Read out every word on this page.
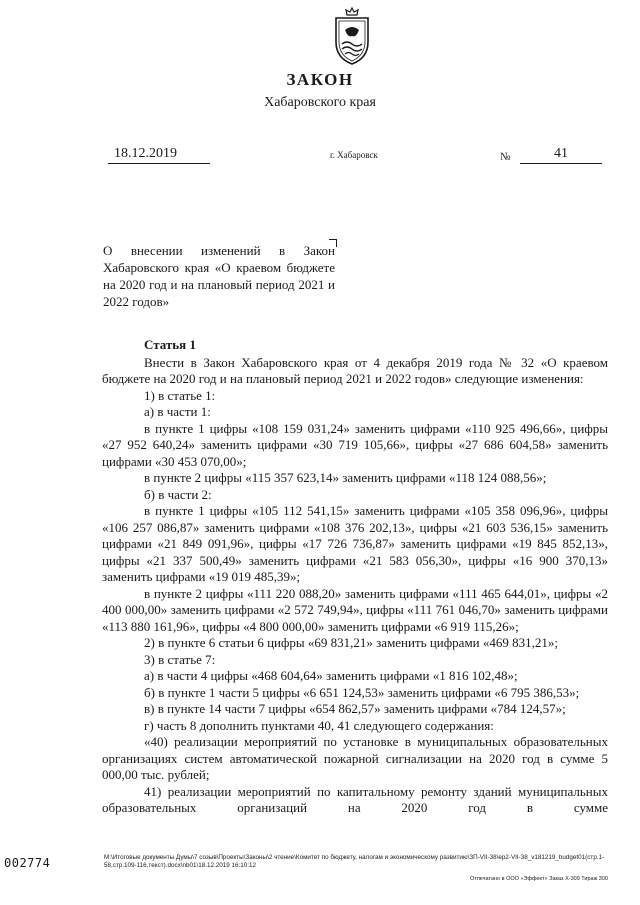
ЗАКОН
Хабаровского края
18.12.2019	г. Хабаровск	№	41
О внесении изменений в Закон Хабаровского края «О краевом бюджете на 2020 год и на плановый период 2021 и 2022 годов»

Статья 1

Внести в Закон Хабаровского края от 4 декабря 2019 года № 32 «О краевом бюджете на 2020 год и на плановый период 2021 и 2022 годов» следующие изменения:

1) в статье 1:

а) в части 1:

в пункте 1 цифры «108 159 031,24» заменить цифрами «110 925 496,66», цифры «27 952 640,24» заменить цифрами «30 719 105,66», цифры «27 686 604,58» заменить цифрами «30 453 070,00»;

в пункте 2 цифры «115 357 623,14» заменить цифрами «118 124 088,56»;

б) в части 2:

в пункте 1 цифры «105 112 541,15» заменить цифрами «105 358 096,96», цифры «106 257 086,87» заменить цифрами «108 376 202,13», цифры «21 603 536,15» заменить цифрами «21 849 091,96», цифры «17 726 736,87» заменить цифрами «19 845 852,13», цифры «21 337 500,49» заменить цифрами «21 583 056,30», цифры «16 900 370,13» заменить цифрами «19 019 485,39»;

в пункте 2 цифры «111 220 088,20» заменить цифрами «111 465 644,01», цифры «2 400 000,00» заменить цифрами «2 572 749,94», цифры «111 761 046,70» заменить цифрами «113 880 161,96», цифры «4 800 000,00» заменить цифрами «6 919 115,26»;

2) в пункте 6 статьи 6 цифры «69 831,21» заменить цифрами «469 831,21»;

3) в статье 7:

а) в части 4 цифры «468 604,64» заменить цифрами «1 816 102,48»;

б) в пункте 1 части 5 цифры «6 651 124,53» заменить цифрами «6 795 386,53»;

в) в пункте 14 части 7 цифры «654 862,57» заменить цифрами «784 124,57»;

г) часть 8 дополнить пунктами 40, 41 следующего содержания:

«40) реализации мероприятий по установке в муниципальных образовательных организациях систем автоматической пожарной сигнализации на 2020 год в сумме 5 000,00 тыс. рублей;

41) реализации мероприятий по капитальному ремонту зданий муниципальных образовательных организаций на 2020 год в сумме

002774	M:\Итоговые документы Думы\7 созыв\Проекты\Законы\2 чтение\Комитет по бюджету, налогам и экономическому развитию\ЗП-VII-38\ep2-VII-38_v181219_budget01(стр.1-58,стр.109-116,текст).docx\nb01\18.12.2019 16:10:12
Отпечатано в ООО «Эффект» Заказ X-309 Тираж 300
